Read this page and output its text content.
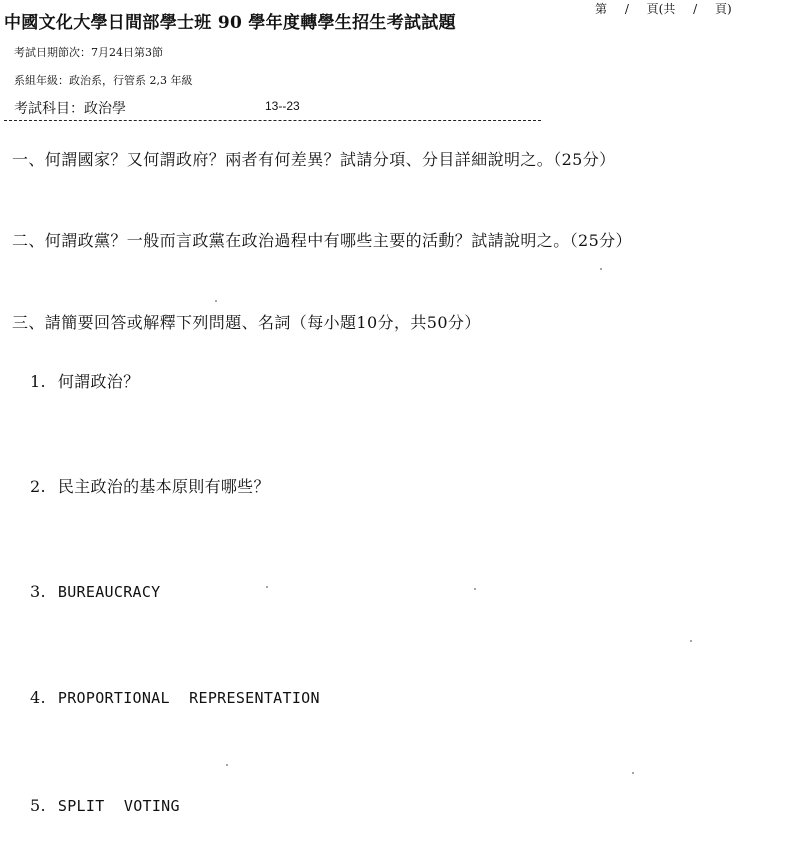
中國文化大學日間部學士班 90 學年度轉學生招生考試試題
第 / 頁(共 / 頁)
考試日期節次：7月24日第3節
系組年級：政治系，行管系 2,3 年級
考試科目：政治學	13--23
一、何謂國家？又何謂政府？兩者有何差異？試請分項、分目詳細說明之。（25分）
二、何謂政黨？一般而言政黨在政治過程中有哪些主要的活動？試請說明之。（25分）
三、請簡要回答或解釋下列問題、名詞（每小題10分，共50分）
1. 何謂政治？
2. 民主政治的基本原則有哪些？
3. BUREAUCRACY
4. PROPORTIONAL REPRESENTATION
5. SPLIT VOTING
